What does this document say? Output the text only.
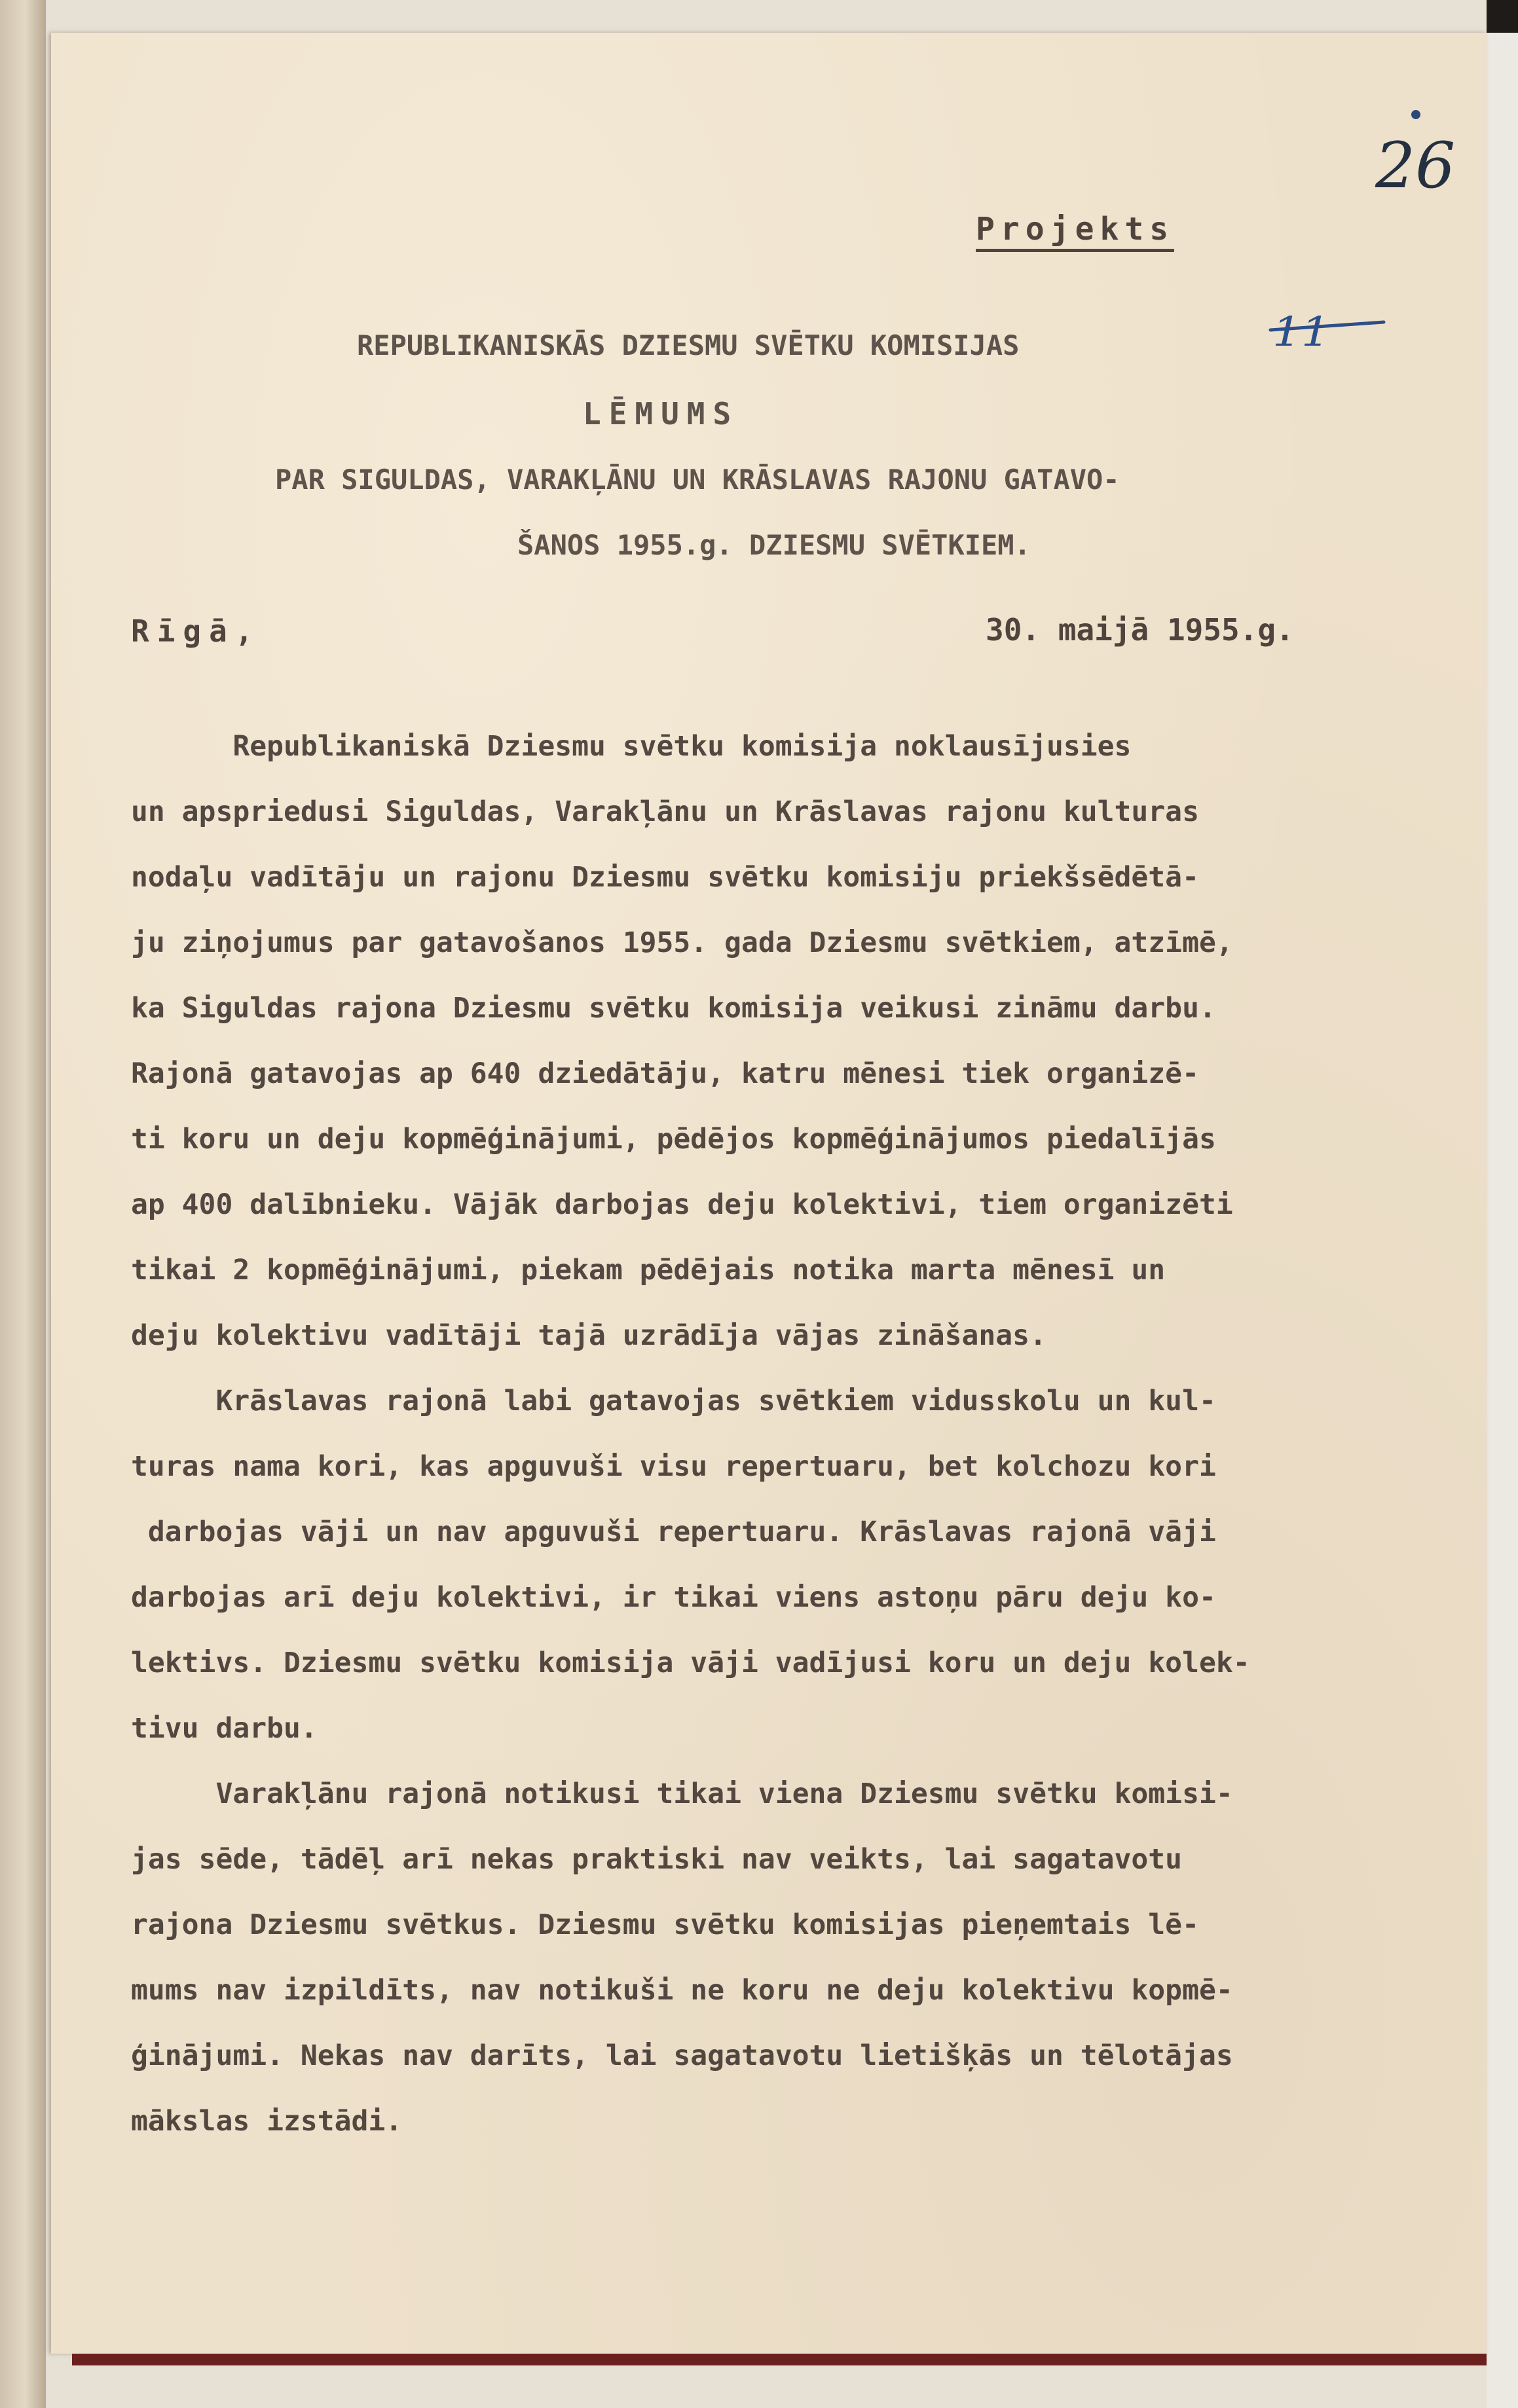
26

11

Projekts

REPUBLIKANISKĀS DZIESMU SVĒTKU KOMISIJAS

LĒMUMS

PAR SIGULDAS, VARAKĻĀNU UN KRĀSLAVAS RAJONU GATAVO-

ŠANOS 1955.g. DZIESMU SVĒTKIEM.

Rīgā,	30. maijā 1955.g.

Republikaniskā Dziesmu svētku komisija noklausījusies
un apspriedusi Siguldas, Varakļānu un Krāslavas rajonu kulturas
nodaļu vadītāju un rajonu Dziesmu svētku komisiju priekšsēdētā-
ju ziņojumus par gatavošanos 1955. gada Dziesmu svētkiem, atzīmē,
ka Siguldas rajona Dziesmu svētku komisija veikusi zināmu darbu.
Rajonā gatavojas ap 640 dziedātāju, katru mēnesi tiek organizē-
ti koru un deju kopmēģinājumi, pēdējos kopmēģinājumos piedalījās
ap 400 dalībnieku. Vājāk darbojas deju kolektivi, tiem organizēti
tikai 2 kopmēģinājumi, piekam pēdējais notika marta mēnesī un
deju kolektivu vadītāji tajā uzrādīja vājas zināšanas.

Krāslavas rajonā labi gatavojas svētkiem vidusskolu un kul-
turas nama kori, kas apguvuši visu repertuaru, bet kolchozu kori
darbojas vāji un nav apguvuši repertuaru. Krāslavas rajonā vāji
darbojas arī deju kolektivi, ir tikai viens astoņu pāru deju ko-
lektivs. Dziesmu svētku komisija vāji vadījusi koru un deju kolek-
tivu darbu.

Varakļānu rajonā notikusi tikai viena Dziesmu svētku komisi-
jas sēde, tādēļ arī nekas praktiski nav veikts, lai sagatavotu
rajona Dziesmu svētkus. Dziesmu svētku komisijas pieņemtais lē-
mums nav izpildīts, nav notikuši ne koru ne deju kolektivu kopmē-
ģinājumi. Nekas nav darīts, lai sagatavotu lietišķās un tēlotājas
mākslas izstādi.
